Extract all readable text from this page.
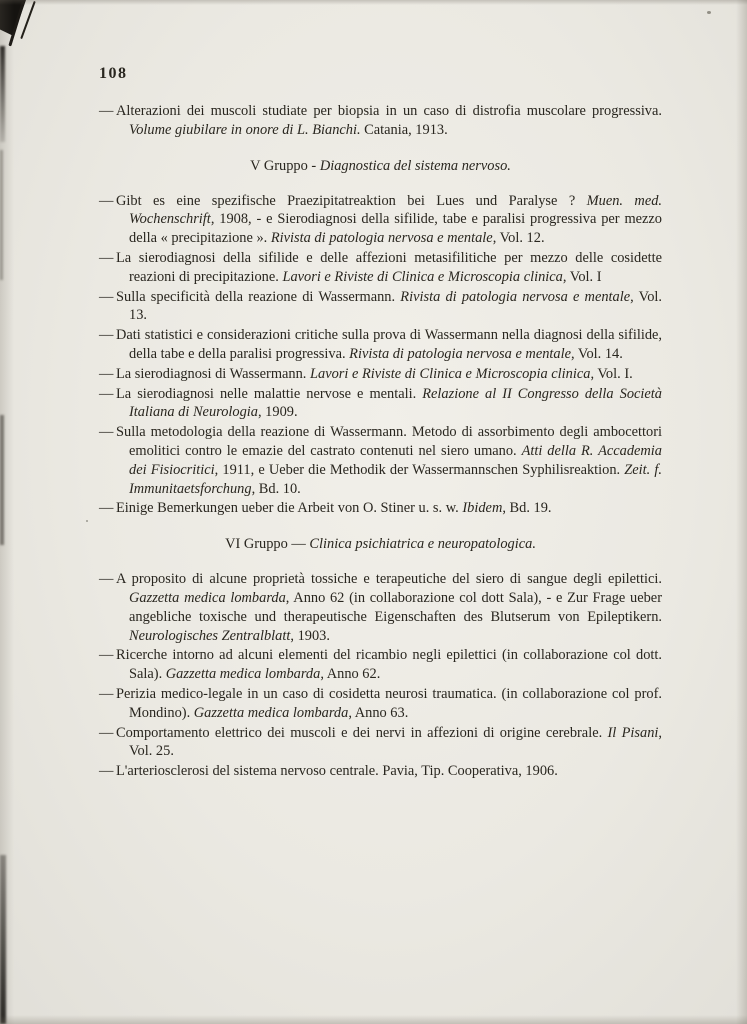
108
— Alterazioni dei muscoli studiate per biopsia in un caso di distrofia muscolare progressiva. Volume giubilare in onore di L. Bianchi. Catania, 1913.
V Gruppo - Diagnostica del sistema nervoso.
— Gibt es eine spezifische Praezipitatreaktion bei Lues und Paralyse ? Muen. med. Wochenschrift, 1908, - e Sierodiagnosi della sifilide, tabe e paralisi progressiva per mezzo della « precipitazione ». Rivista di patologia nervosa e mentale, Vol. 12.
— La sierodiagnosi della sifilide e delle affezioni metasifilitiche per mezzo delle cosidette reazioni di precipitazione. Lavori e Riviste di Clinica e Microscopia clinica, Vol. I
— Sulla specificità della reazione di Wassermann. Rivista di patologia nervosa e mentale, Vol. 13.
— Dati statistici e considerazioni critiche sulla prova di Wassermann nella diagnosi della sifilide, della tabe e della paralisi progressiva. Rivista di patologia nervosa e mentale, Vol. 14.
— La sierodiagnosi di Wassermann. Lavori e Riviste di Clinica e Microscopia clinica, Vol. I.
— La sierodiagnosi nelle malattie nervose e mentali. Relazione al II Congresso della Società Italiana di Neurologia, 1909.
— Sulla metodologia della reazione di Wassermann. Metodo di assorbimento degli ambocettori emolitici contro le emazie del castrato contenuti nel siero umano. Atti della R. Accademia dei Fisiocritici, 1911, e Ueber die Methodik der Wassermannschen Syphilisreaktion. Zeit. f. Immunitaetsforchung, Bd. 10.
— Einige Bemerkungen ueber die Arbeit von O. Stiner u. s. w. Ibidem, Bd. 19.
VI Gruppo — Clinica psichiatrica e neuropatologica.
— A proposito di alcune proprietà tossiche e terapeutiche del siero di sangue degli epilettici. Gazzetta medica lombarda, Anno 62 (in collaborazione col dott Sala), - e Zur Frage ueber angebliche toxische und therapeutische Eigenschaften des Blutserum von Epileptikern. Neurologisches Zentralblatt, 1903.
— Ricerche intorno ad alcuni elementi del ricambio negli epilettici (in collaborazione col dott. Sala). Gazzetta medica lombarda, Anno 62.
— Perizia medico-legale in un caso di cosidetta neurosi traumatica. (in collaborazione col prof. Mondino). Gazzetta medica lombarda, Anno 63.
— Comportamento elettrico dei muscoli e dei nervi in affezioni di origine cerebrale. Il Pisani, Vol. 25.
— L'arteriosclerosi del sistema nervoso centrale. Pavia, Tip. Cooperativa, 1906.
